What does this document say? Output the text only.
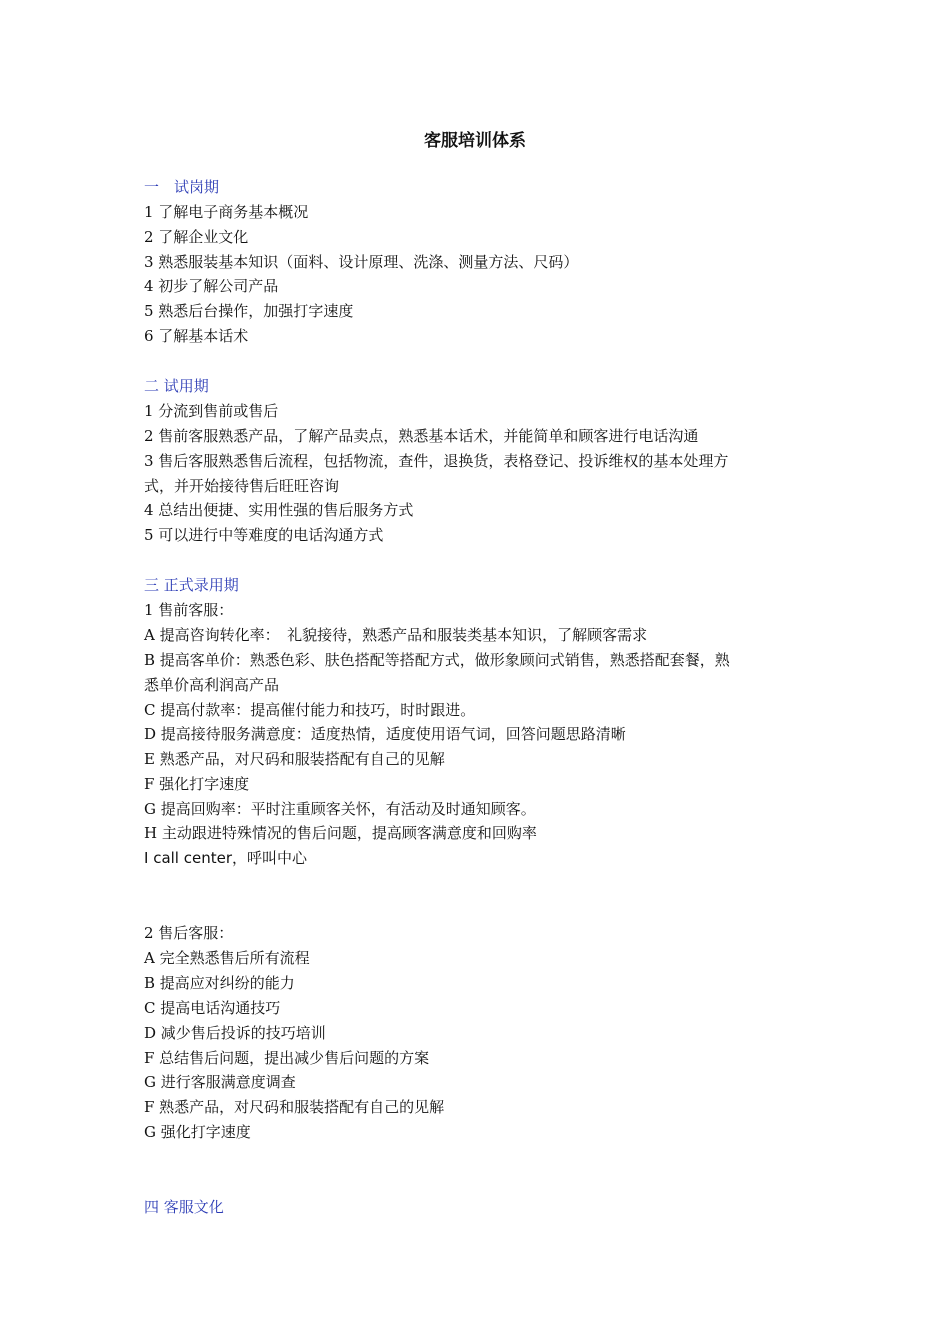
客服培训体系
一　试岗期
1 了解电子商务基本概况
2 了解企业文化
3 熟悉服装基本知识（面料、设计原理、洗涤、测量方法、尺码）
4 初步了解公司产品
5 熟悉后台操作，加强打字速度
6 了解基本话术
二 试用期
1 分流到售前或售后
2 售前客服熟悉产品，了解产品卖点，熟悉基本话术，并能简单和顾客进行电话沟通
3 售后客服熟悉售后流程，包括物流，查件，退换货，表格登记、投诉维权的基本处理方
式，并开始接待售后旺旺咨询
4 总结出便捷、实用性强的售后服务方式
5 可以进行中等难度的电话沟通方式
三 正式录用期
1 售前客服：
A 提高咨询转化率：　礼貌接待，熟悉产品和服装类基本知识，了解顾客需求
B 提高客单价：熟悉色彩、肤色搭配等搭配方式，做形象顾问式销售，熟悉搭配套餐，熟
悉单价高利润高产品
C 提高付款率：提高催付能力和技巧，时时跟进。
D 提高接待服务满意度：适度热情，适度使用语气词，回答问题思路清晰
E 熟悉产品，对尺码和服装搭配有自己的见解
F 强化打字速度
G 提高回购率：平时注重顾客关怀，有活动及时通知顾客。
H 主动跟进特殊情况的售后问题，提高顾客满意度和回购率
I call center，呼叫中心
2 售后客服：
A 完全熟悉售后所有流程
B 提高应对纠纷的能力
C 提高电话沟通技巧
D 减少售后投诉的技巧培训
F 总结售后问题，提出减少售后问题的方案
G 进行客服满意度调查
F 熟悉产品，对尺码和服装搭配有自己的见解
G 强化打字速度
四 客服文化
